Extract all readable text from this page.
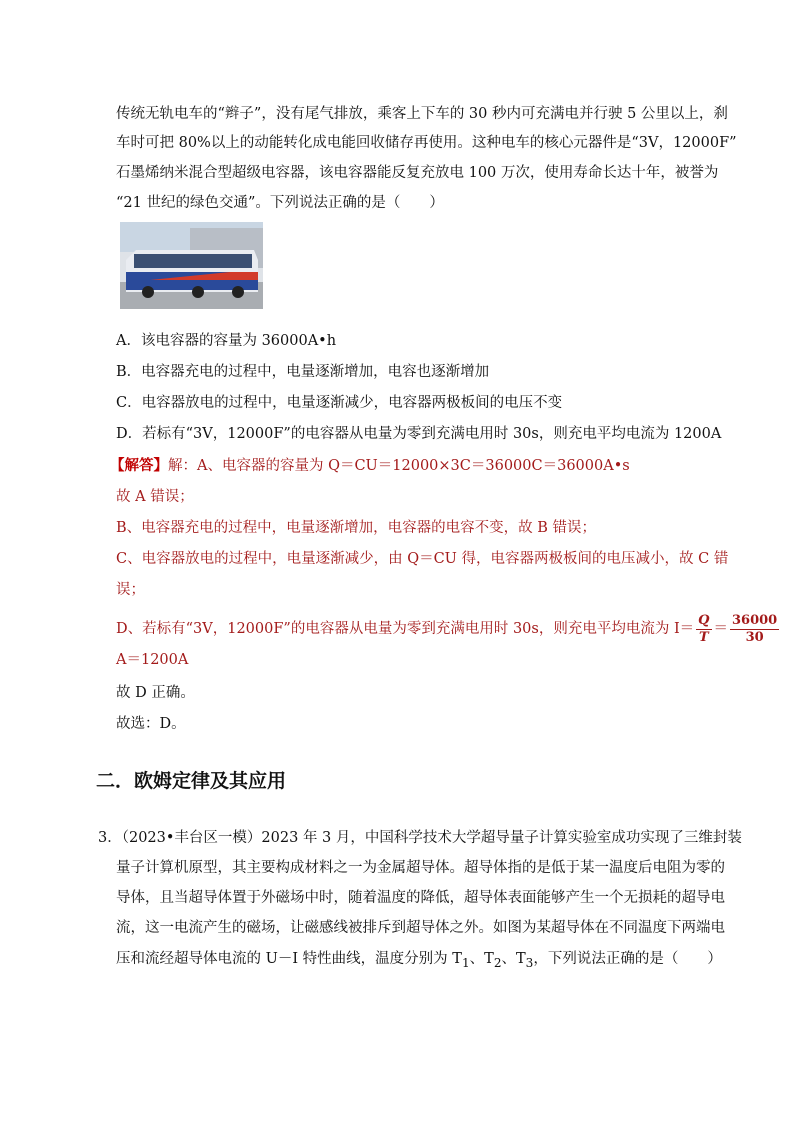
传统无轨电车的“辫子”，没有尾气排放，乘客上下车的 30 秒内可充满电并行驶 5 公里以上，刹
车时可把 80%以上的动能转化成电能回收储存再使用。这种电车的核心元器件是“3V，12000F”
石墨烯纳米混合型超级电容器，该电容器能反复充放电 100 万次，使用寿命长达十年，被誉为
“21 世纪的绿色交通”。下列说法正确的是（　　）
A．该电容器的容量为 36000A•h
B．电容器充电的过程中，电量逐渐增加，电容也逐渐增加
C．电容器放电的过程中，电量逐渐减少，电容器两极板间的电压不变
D．若标有“3V，12000F”的电容器从电量为零到充满电用时 30s，则充电平均电流为 1200A
【解答】解：A、电容器的容量为 Q＝CU＝12000×3C＝36000C＝36000A•s
故 A 错误；
B、电容器充电的过程中，电量逐渐增加，电容器的电容不变，故 B 错误；
C、电容器放电的过程中，电量逐渐减少，由 Q＝CU 得，电容器两极板间的电压减小，故 C 错
误；
D、若标有“3V，12000F”的电容器从电量为零到充满电用时 30s，则充电平均电流为 $I= \frac{Q}{T} = \frac{36000}{30}$
A＝1200A
故 D 正确。
故选：D。
二．欧姆定律及其应用
3．（2023•丰台区一模）2023 年 3 月，中国科学技术大学超导量子计算实验室成功实现了三维封装
量子计算机原型，其主要构成材料之一为金属超导体。超导体指的是低于某一温度后电阻为零的
导体，且当超导体置于外磁场中时，随着温度的降低，超导体表面能够产生一个无损耗的超导电
流，这一电流产生的磁场，让磁感线被排斥到超导体之外。如图为某超导体在不同温度下两端电
压和流经超导体电流的 U－I 特性曲线，温度分别为 $T_1$、$T_2$、$T_3$，下列说法正确的是（　　）
